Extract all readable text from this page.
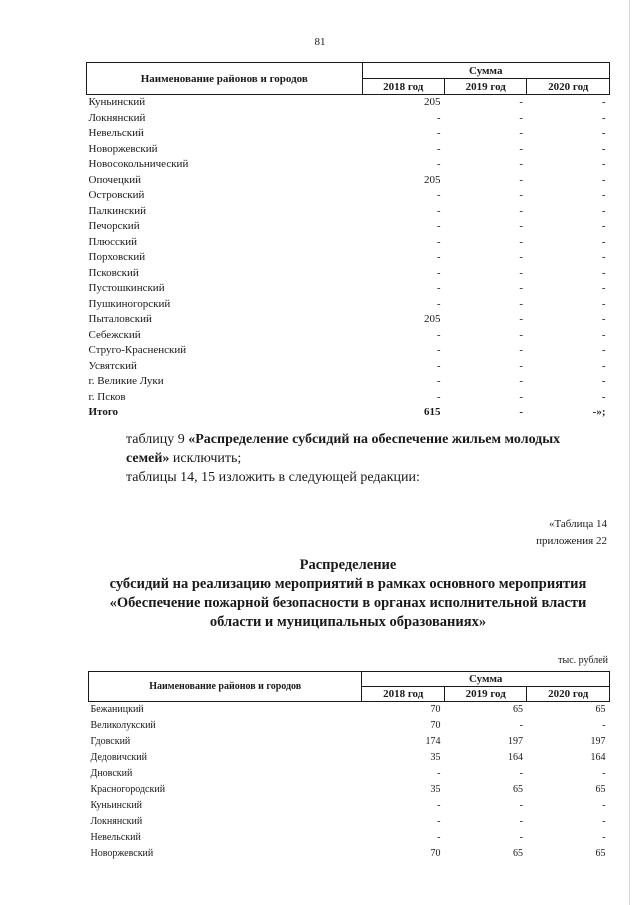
81
Наименование районов и городов	Сумма		
	2018 год	2019 год	2020 год
Куньинский	205	-	-
Локнянский	-	-	-
Невельский	-	-	-
Новоржевский	-	-	-
Новосокольнический	-	-	-
Опочецкий	205	-	-
Островский	-	-	-
Палкинский	-	-	-
Печорский	-	-	-
Плюсский	-	-	-
Порховский	-	-	-
Псковский	-	-	-
Пустошкинский	-	-	-
Пушкиногорский	-	-	-
Пыталовский	205	-	-
Себежский	-	-	-
Струго-Красненский	-	-	-
Усвятский	-	-	-
г. Великие Луки	-	-	-
г. Псков	-	-	-
Итого	615	-	-»;
таблицу 9 «Распределение субсидий на обеспечение жильем молодых семей» исключить;
таблицы 14, 15 изложить в следующей редакции:
«Таблица 14
приложения 22
Распределение
субсидий на реализацию мероприятий в рамках основного мероприятия
«Обеспечение пожарной безопасности в органах исполнительной власти
области и муниципальных образованиях»
тыс. рублей
Наименование районов и городов	Сумма		
	2018 год	2019 год	2020 год
Бежаницкий	70	65	65
Великолукский	70	-	-
Гдовский	174	197	197
Дедовичский	35	164	164
Дновский	-	-	-
Красногородский	35	65	65
Куньинский	-	-	-
Локнянский	-	-	-
Невельский	-	-	-
Новоржевский	70	65	65
